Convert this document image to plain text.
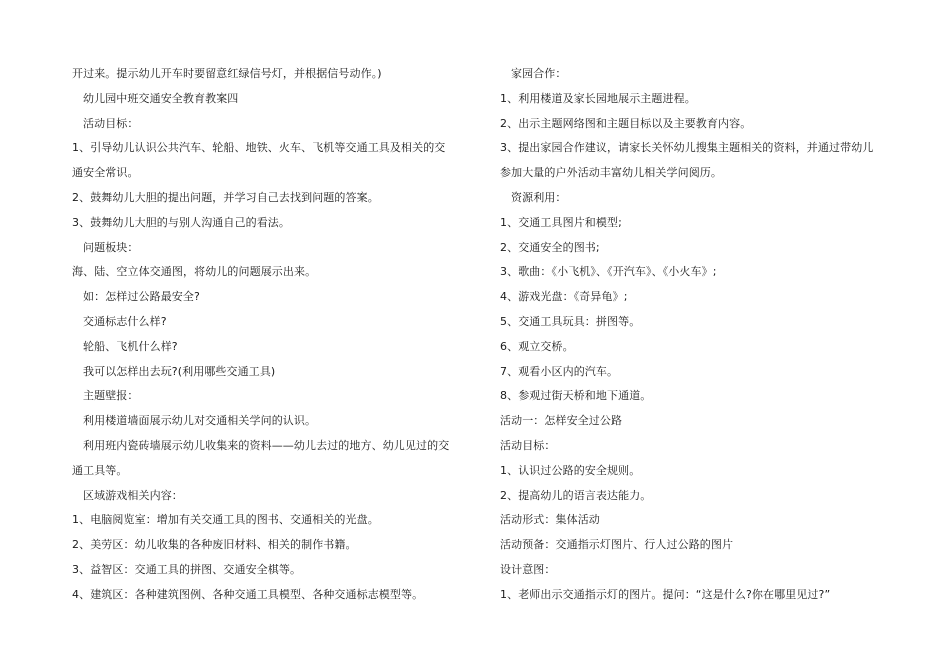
开过来。提示幼儿开车时要留意红绿信号灯，并根据信号动作。)

幼儿园中班交通安全教育教案四

活动目标：

1、引导幼儿认识公共汽车、轮船、地铁、火车、飞机等交通工具及相关的交

通安全常识。

2、鼓舞幼儿大胆的提出问题，并学习自己去找到问题的答案。

3、鼓舞幼儿大胆的与别人沟通自己的看法。

问题板块：

海、陆、空立体交通图，将幼儿的问题展示出来。

如：怎样过公路最安全?

交通标志什么样?

轮船、飞机什么样?

我可以怎样出去玩?(利用哪些交通工具)

主题壁报：

利用楼道墙面展示幼儿对交通相关学问的认识。

利用班内瓷砖墙展示幼儿收集来的资料——幼儿去过的地方、幼儿见过的交

通工具等。

区域游戏相关内容：

1、电脑阅览室：增加有关交通工具的图书、交通相关的光盘。

2、美劳区：幼儿收集的各种废旧材料、相关的制作书籍。

3、益智区：交通工具的拼图、交通安全棋等。

4、建筑区：各种建筑图例、各种交通工具模型、各种交通标志模型等。

家园合作：

1、利用楼道及家长园地展示主题进程。

2、出示主题网络图和主题目标以及主要教育内容。

3、提出家园合作建议，请家长关怀幼儿搜集主题相关的资料，并通过带幼儿

参加大量的户外活动丰富幼儿相关学问阅历。

资源利用：

1、交通工具图片和模型;

2、交通安全的图书;

3、歌曲：《小飞机》、《开汽车》、《小火车》;

4、游戏光盘：《奇异龟》;

5、交通工具玩具：拼图等。

6、观立交桥。

7、观看小区内的汽车。

8、参观过街天桥和地下通道。

活动一：怎样安全过公路

活动目标：

1、认识过公路的安全规则。

2、提高幼儿的语言表达能力。

活动形式：集体活动

活动预备：交通指示灯图片、行人过公路的图片

设计意图：

1、老师出示交通指示灯的图片。提问：“这是什么?你在哪里见过?”
